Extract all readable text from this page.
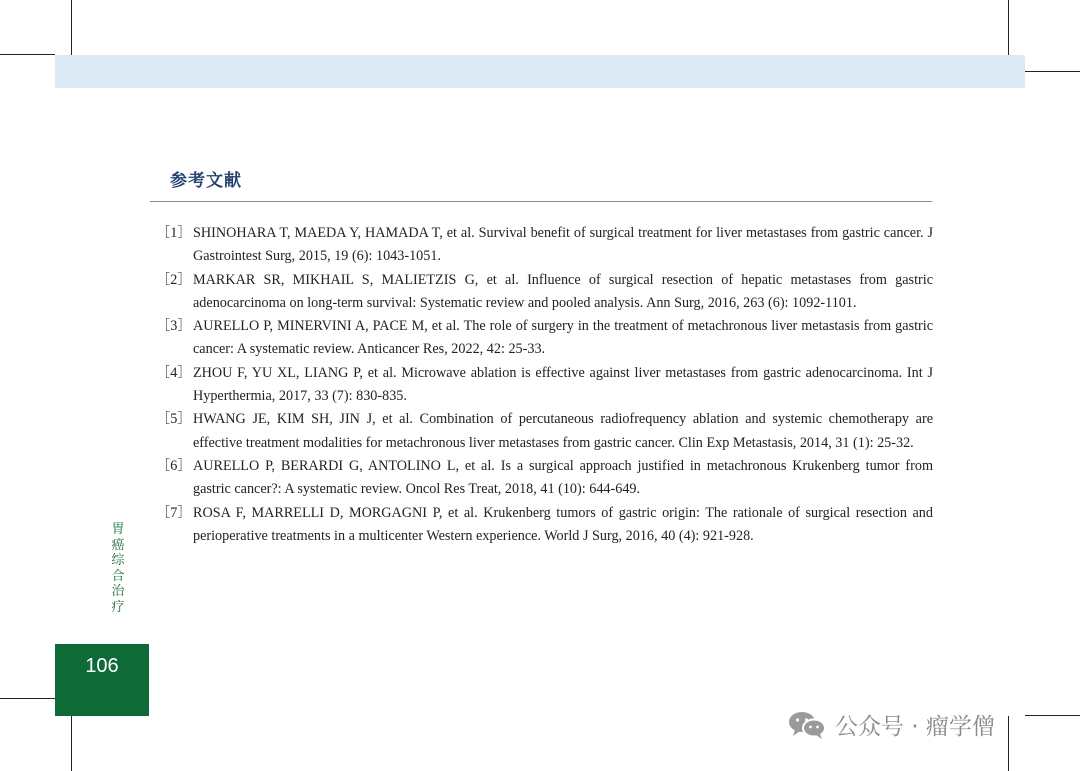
参考文献
［1］ SHINOHARA T, MAEDA Y, HAMADA T, et al. Survival benefit of surgical treatment for liver metastases from gastric cancer. J Gastrointest Surg, 2015, 19 (6): 1043-1051.
［2］ MARKAR SR, MIKHAIL S, MALIETZIS G, et al. Influence of surgical resection of hepatic metastases from gastric adenocarcinoma on long-term survival: Systematic review and pooled analysis. Ann Surg, 2016, 263 (6): 1092-1101.
［3］ AURELLO P, MINERVINI A, PACE M, et al. The role of surgery in the treatment of metachronous liver metastasis from gastric cancer: A systematic review. Anticancer Res, 2022, 42: 25-33.
［4］ ZHOU F, YU XL, LIANG P, et al. Microwave ablation is effective against liver metastases from gastric adenocarcinoma. Int J Hyperthermia, 2017, 33 (7): 830-835.
［5］ HWANG JE, KIM SH, JIN J, et al. Combination of percutaneous radiofrequency ablation and systemic chemotherapy are effective treatment modalities for metachronous liver metastases from gastric cancer. Clin Exp Metastasis, 2014, 31 (1): 25-32.
［6］ AURELLO P, BERARDI G, ANTOLINO L, et al. Is a surgical approach justified in metachronous Krukenberg tumor from gastric cancer?: A systematic review. Oncol Res Treat, 2018, 41 (10): 644-649.
［7］ ROSA F, MARRELLI D, MORGAGNI P, et al. Krukenberg tumors of gastric origin: The rationale of surgical resection and perioperative treatments in a multicenter Western experience. World J Surg, 2016, 40 (4): 921-928.
胃癌综合治疗
106
公众号 · 瘤学僧
